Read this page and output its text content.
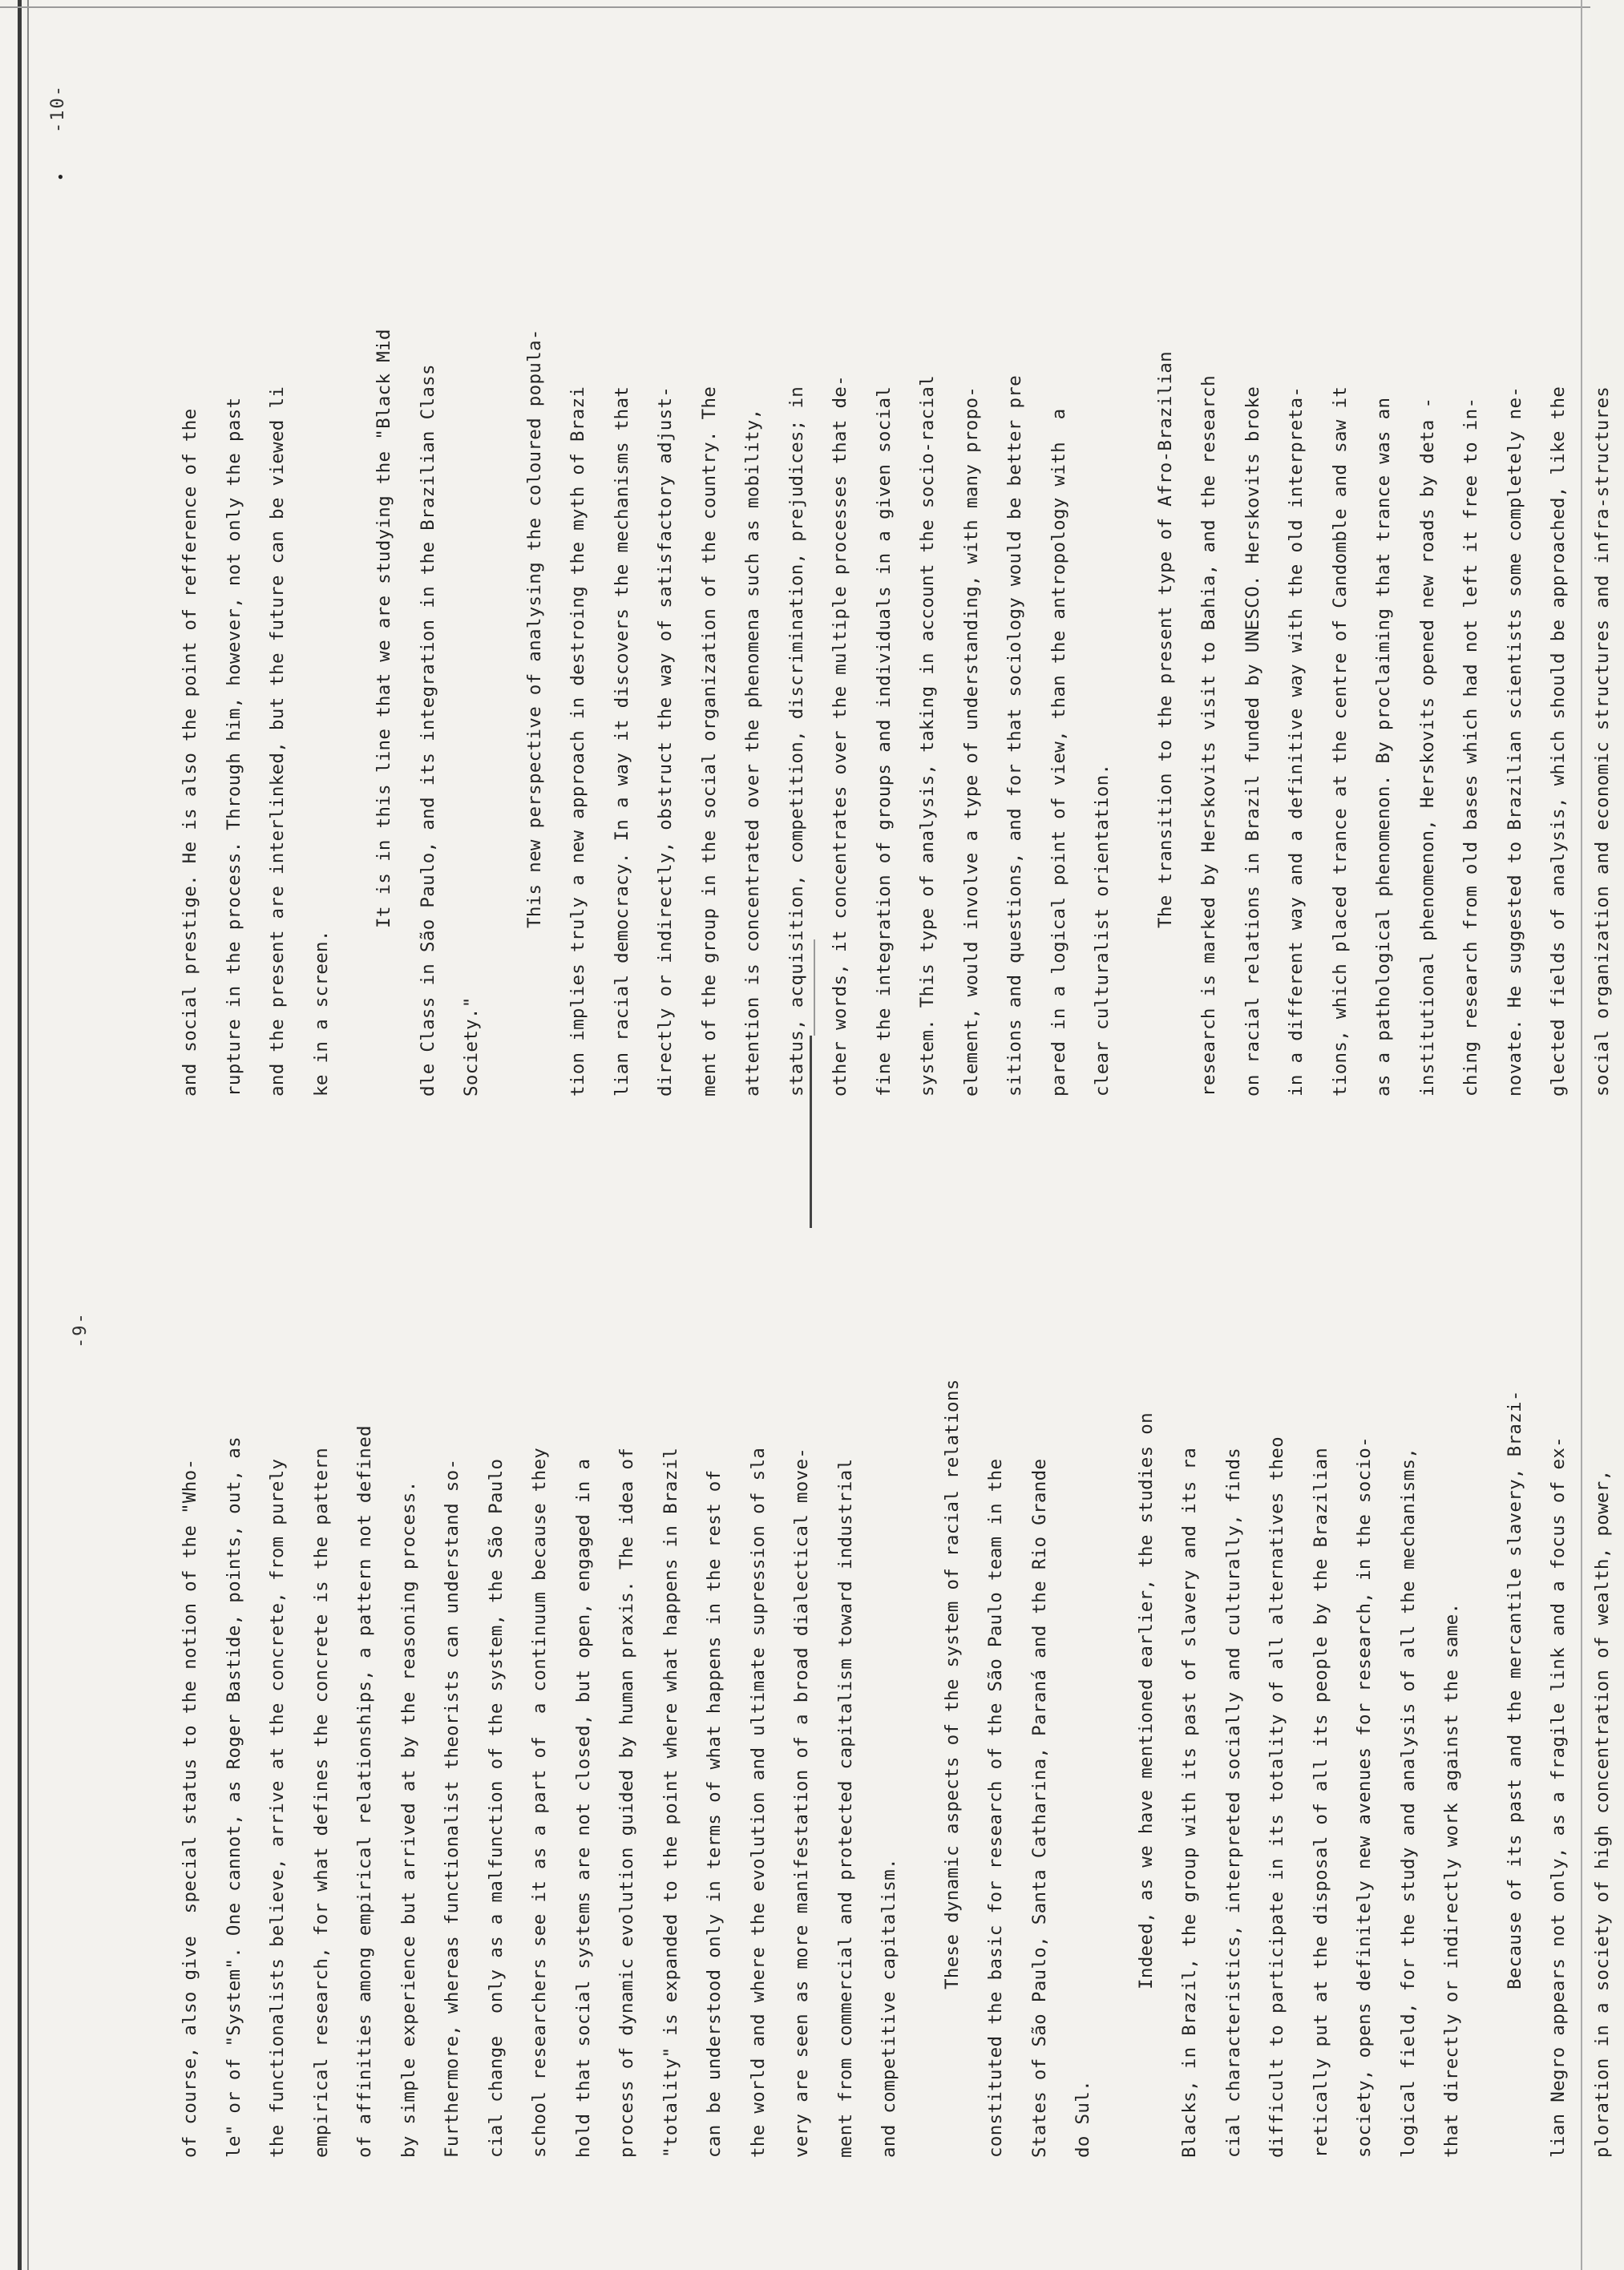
-9-
of course, also give  special status to the notion of the "Who-	le" or of "System". One cannot, as Roger Bastide, points, out, as	the functionalists believe, arrive at the concrete, from purely	empirical research, for what defines the concrete is the pattern	of affinities among empirical relationships, a pattern not defined	by simple experience but arrived at by the reasoning process.	Furthermore, whereas functionalist theorists can understand so-	cial change  only as a malfunction of the system, the São Paulo	school researchers see it as a part of  a continuum because they	hold that social systems are not closed, but open, engaged in a	process of dynamic evolution guided by human praxis. The idea of	"totality" is expanded to the point where what happens in Brazil	can be understood only in terms of what happens in the rest of	the world and where the evolution and ultimate supression of sla	very are seen as more manifestation of a broad dialectical move-	ment from commercial and protected capitalism toward industrial	and competitive capitalism.
These dynamic aspects of the system of racial relations	constituted the basic for research of the São Paulo team in the	States of São Paulo, Santa Catharina, Paraná and the Rio Grande	do Sul.
Indeed, as we have mentioned earlier, the studies on	Blacks, in Brazil, the group with its past of slavery and its ra	cial characteristics, interpreted socially and culturally, finds	difficult to participate in its totality of all alternatives theo	retically put at the disposal of all its people by the Brazilian	society, opens definitely new avenues for research, in the socio-	logical field, for the study and analysis of all the mechanisms,	that directly or indirectly work against the same.	Because of its past and the mercantile slavery, Brazi-	lian Negro appears not only, as a fragile link and a focus of ex-	ploration in a society of high concentration of wealth, power,
•
-10-
and social prestige. He is also the point of refference of the	rupture in the process. Through him, however, not only the past	and the present are interlinked, but the future can be viewed li	ke in a screen.
It is in this line that we are studying the "Black Mid	dle Class in São Paulo, and its integration in the Brazilian Class	Society."
This new perspective of analysing the coloured popula-	tion implies truly a new approach in destroing the myth of Brazi	lian racial democracy. In a way it discovers the mechanisms that	directly or indirectly, obstruct the way of satisfactory adjust-	ment of the group in the social organization of the country. The	attention is concentrated over the phenomena such as mobility,	status, acquisition, competition, discrimination, prejudices; in	other words, it concentrates over the multiple processes that de-	fine the integration of groups and individuals in a given social	system. This type of analysis, taking in account the socio-racial	element, would involve a type of understanding, with many propo-	sitions and questions, and for that sociology would be better pre	pared in a logical point of view, than the antropology with  a	clear culturalist orientation.
The transition to the present type of Afro-Brazilian	research is marked by Herskovits visit to Bahia, and the research	on racial relations in Brazil funded by UNESCO. Herskovits broke	in a different way and a definitive way with the old interpreta-	tions, which placed trance at the centre of Candomble and saw it	as a pathological phenomenon. By proclaiming that trance was an	institutional phenomenon, Herskovits opened new roads by deta -	ching research from old bases which had not left it free to in-	novate. He suggested to Brazilian scientists some completely ne-	glected fields of analysis, which should be approached, like the	social organization and economic structures and infra-structures
